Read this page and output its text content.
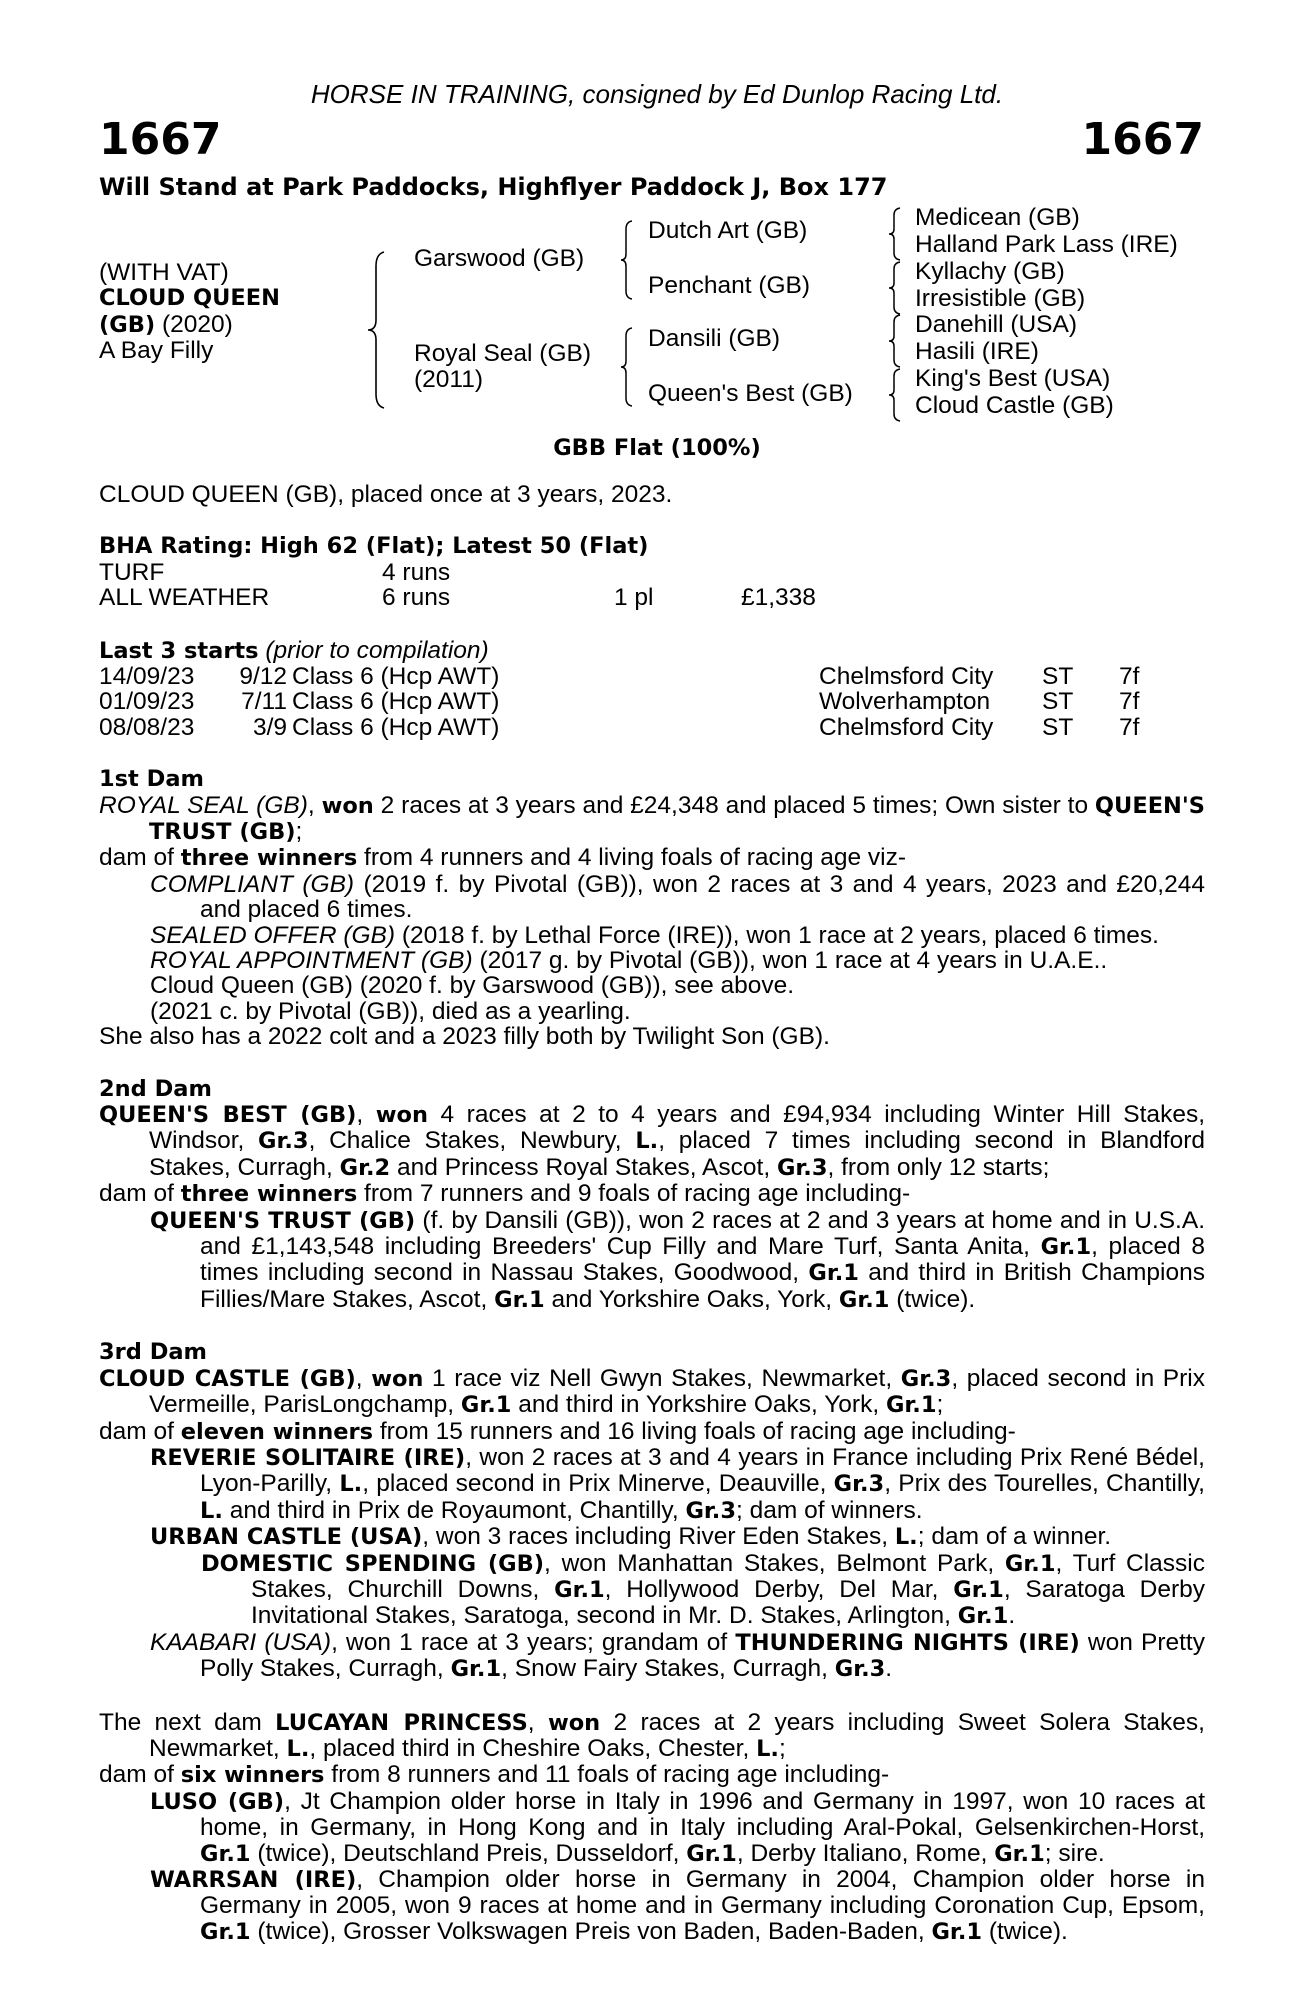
HORSE IN TRAINING, consigned by Ed Dunlop Racing Ltd.
1667	1667
Will Stand at Park Paddocks, Highflyer Paddock J, Box 177
(WITH VAT)
CLOUD QUEEN
(GB) (2020)
A Bay Filly
Garswood (GB)
Royal Seal (GB)
(2011)
Dutch Art (GB)
Penchant (GB)
Dansili (GB)
Queen's Best (GB)
Medicean (GB)
Halland Park Lass (IRE)
Kyllachy (GB)
Irresistible (GB)
Danehill (USA)
Hasili (IRE)
King's Best (USA)
Cloud Castle (GB)
GBB Flat (100%)

CLOUD QUEEN (GB), placed once at 3 years, 2023.

BHA Rating: High 62 (Flat); Latest 50 (Flat)
TURF	4 runs
ALL WEATHER	6 runs	1 pl	£1,338
Last 3 starts (prior to compilation)
14/09/23	9/12 Class 6 (Hcp AWT)	Chelmsford City ST 7f
01/09/23	7/11 Class 6 (Hcp AWT)	Wolverhampton ST 7f
08/08/23	3/9 Class 6 (Hcp AWT)	Chelmsford City ST 7f
1st Dam

ROYAL SEAL (GB), won 2 races at 3 years and £24,348 and placed 5 times; Own sister to QUEEN'S TRUST (GB);

dam of three winners from 4 runners and 4 living foals of racing age viz-

COMPLIANT (GB) (2019 f. by Pivotal (GB)), won 2 races at 3 and 4 years, 2023 and £20,244 and placed 6 times.

SEALED OFFER (GB) (2018 f. by Lethal Force (IRE)), won 1 race at 2 years, placed 6 times.

ROYAL APPOINTMENT (GB) (2017 g. by Pivotal (GB)), won 1 race at 4 years in U.A.E..

Cloud Queen (GB) (2020 f. by Garswood (GB)), see above.

(2021 c. by Pivotal (GB)), died as a yearling.

She also has a 2022 colt and a 2023 filly both by Twilight Son (GB).

2nd Dam

QUEEN'S BEST (GB), won 4 races at 2 to 4 years and £94,934 including Winter Hill Stakes, Windsor, Gr.3, Chalice Stakes, Newbury, L., placed 7 times including second in Blandford Stakes, Curragh, Gr.2 and Princess Royal Stakes, Ascot, Gr.3, from only 12 starts;

dam of three winners from 7 runners and 9 foals of racing age including-

QUEEN'S TRUST (GB) (f. by Dansili (GB)), won 2 races at 2 and 3 years at home and in U.S.A. and £1,143,548 including Breeders' Cup Filly and Mare Turf, Santa Anita, Gr.1, placed 8 times including second in Nassau Stakes, Goodwood, Gr.1 and third in British Champions Fillies/Mare Stakes, Ascot, Gr.1 and Yorkshire Oaks, York, Gr.1 (twice).

3rd Dam

CLOUD CASTLE (GB), won 1 race viz Nell Gwyn Stakes, Newmarket, Gr.3, placed second in Prix Vermeille, ParisLongchamp, Gr.1 and third in Yorkshire Oaks, York, Gr.1;

dam of eleven winners from 15 runners and 16 living foals of racing age including-

REVERIE SOLITAIRE (IRE), won 2 races at 3 and 4 years in France including Prix René Bédel, Lyon-Parilly, L., placed second in Prix Minerve, Deauville, Gr.3, Prix des Tourelles, Chantilly, L. and third in Prix de Royaumont, Chantilly, Gr.3; dam of winners.

URBAN CASTLE (USA), won 3 races including River Eden Stakes, L.; dam of a winner.

DOMESTIC SPENDING (GB), won Manhattan Stakes, Belmont Park, Gr.1, Turf Classic Stakes, Churchill Downs, Gr.1, Hollywood Derby, Del Mar, Gr.1, Saratoga Derby Invitational Stakes, Saratoga, second in Mr. D. Stakes, Arlington, Gr.1.

KAABARI (USA), won 1 race at 3 years; grandam of THUNDERING NIGHTS (IRE) won Pretty Polly Stakes, Curragh, Gr.1, Snow Fairy Stakes, Curragh, Gr.3.

The next dam LUCAYAN PRINCESS, won 2 races at 2 years including Sweet Solera Stakes, Newmarket, L., placed third in Cheshire Oaks, Chester, L.;

dam of six winners from 8 runners and 11 foals of racing age including-

LUSO (GB), Jt Champion older horse in Italy in 1996 and Germany in 1997, won 10 races at home, in Germany, in Hong Kong and in Italy including Aral-Pokal, Gelsenkirchen-Horst, Gr.1 (twice), Deutschland Preis, Dusseldorf, Gr.1, Derby Italiano, Rome, Gr.1; sire.

WARRSAN (IRE), Champion older horse in Germany in 2004, Champion older horse in Germany in 2005, won 9 races at home and in Germany including Coronation Cup, Epsom, Gr.1 (twice), Grosser Volkswagen Preis von Baden, Baden-Baden, Gr.1 (twice).
